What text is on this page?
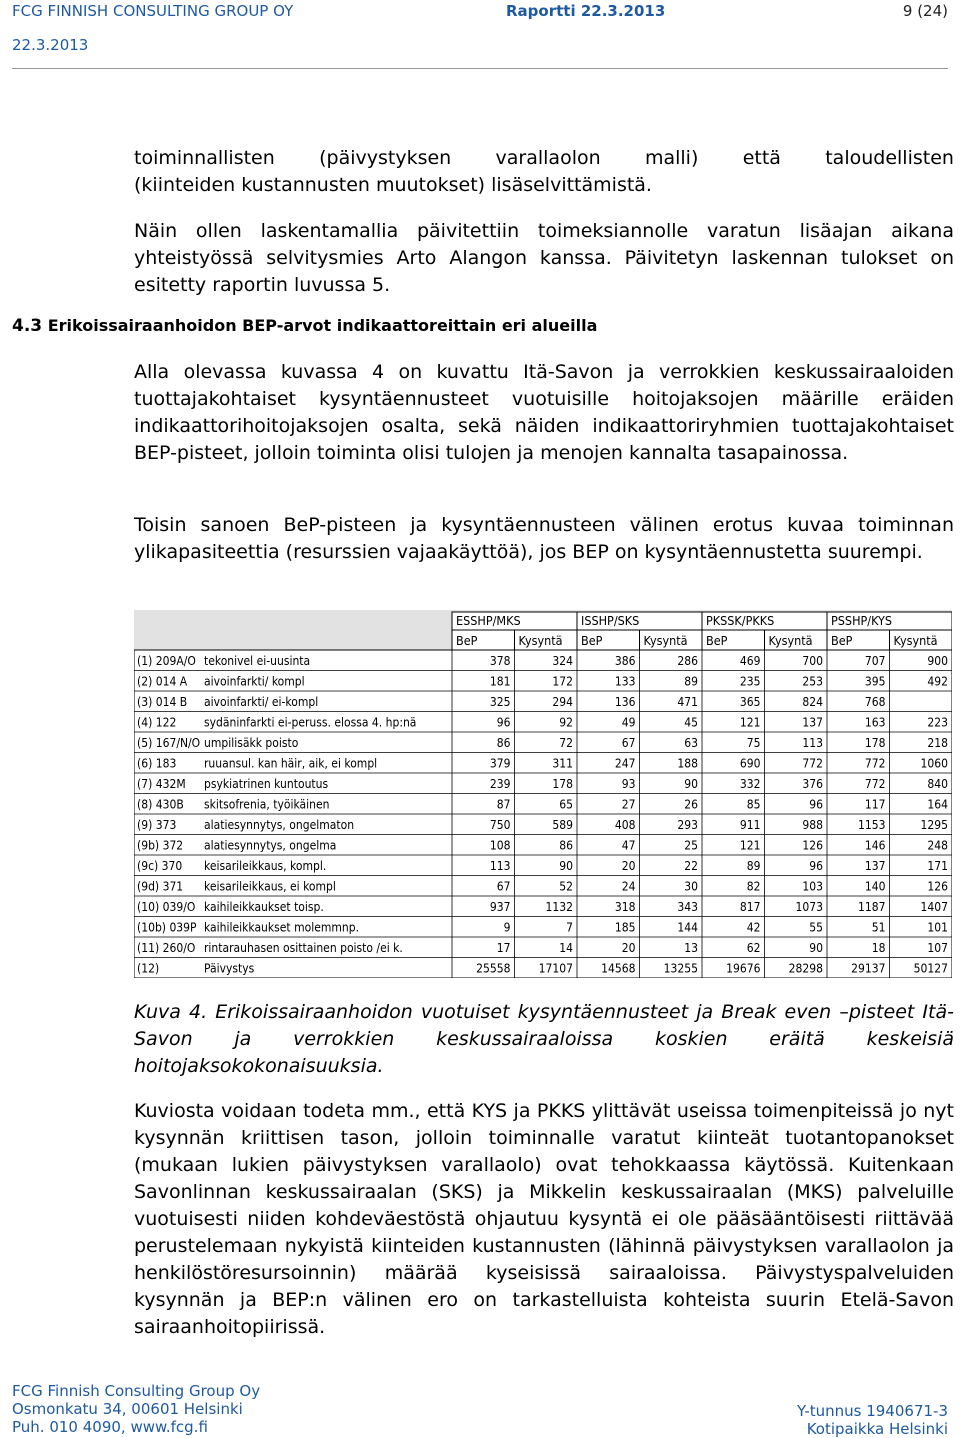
FCG FINNISH CONSULTING GROUP OY	Raportti 22.3.2013	9 (24)
22.3.2013
toiminnallisten (päivystyksen varallaolon malli) että taloudellisten
(kiinteiden kustannusten muutokset) lisäselvittämistä.
Näin ollen laskentamallia päivitettiin toimeksiannolle varatun lisäajan aikana yhteistyössä selvitysmies Arto Alangon kanssa. Päivitetyn laskennan tulokset on esitetty raportin luvussa 5.
4.3 Erikoissairaanhoidon BEP-arvot indikaattoreittain eri alueilla
Alla olevassa kuvassa 4 on kuvattu Itä-Savon ja verrokkien keskussairaaloiden tuottajakohtaiset kysyntäennusteet vuotuisille hoitojaksojen määrille eräiden indikaattorihoitojaksojen osalta, sekä näiden indikaattoriryhmien tuottajakohtaiset BEP-pisteet, jolloin toiminta olisi tulojen ja menojen kannalta tasapainossa.
Toisin sanoen BeP-pisteen ja kysyntäennusteen välinen erotus kuvaa toiminnan ylikapasiteettia (resurssien vajaakäyttöä), jos BEP on kysyntäennustetta suurempi.
ESSHP/MKS	ISSHP/SKS	PKSSK/PKKS	PSSHP/KYS
BeP	Kysyntä BeP	Kysyntä BeP	Kysyntä BeP	Kysyntä
(1) 209A/O tekonivel ei-uusinta	378	324	386	286	469	700	707	900
(2) 014 A aivoinfarkti/ kompl	181	172	133	89	235	253	395	492
(3) 014 B aivoinfarkti/ ei-kompl	325	294	136	471	365	824	768
(4) 122 sydäninfarkti ei-peruss. elossa 4. hp:nä	96	92	49	45	121	137	163	223
(5) 167/N/O umpilisäkk poisto	86	72	67	63	75	113	178	218
(6) 183 ruuansul. kan häir, aik, ei kompl	379	311	247	188	690	772	772	1060
(7) 432M psykiatrinen kuntoutus	239	178	93	90	332	376	772	840
(8) 430B skitsofrenia, työikäinen	87	65	27	26	85	96	117	164
(9) 373 alatiesynnytys, ongelmaton	750	589	408	293	911	988	1153	1295
(9b) 372 alatiesynnytys, ongelma	108	86	47	25	121	126	146	248
(9c) 370 keisarileikkaus, kompl.	113	90	20	22	89	96	137	171
(9d) 371 keisarileikkaus, ei kompl	67	52	24	30	82	103	140	126
(10) 039/O kaihileikkaukset toisp.	937	1132	318	343	817	1073	1187	1407
(10b) 039P kaihileikkaukset molemmnp.	9	7	185	144	42	55	51	101
(11) 260/O rintarauhasen osittainen poisto /ei k.	17	14	20	13	62	90	18	107
(12)	Päivystys	25558 17107 14568 13255 19676 28298 29137 50127
Kuva 4. Erikoissairaanhoidon vuotuiset kysyntäennusteet ja Break even –pisteet Itä-Savon ja verrokkien keskussairaaloissa koskien eräitä keskeisiä hoitojaksokokonaisuuksia.
Kuviosta voidaan todeta mm., että KYS ja PKKS ylittävät useissa toimenpiteissä jo nyt kysynnän kriittisen tason, jolloin toiminnalle varatut kiinteät tuotantopanokset (mukaan lukien päivystyksen varallaolo) ovat tehokkaassa käytössä. Kuitenkaan Savonlinnan keskussairaalan (SKS) ja Mikkelin keskussairaalan (MKS) palveluille vuotuisesti niiden kohdeväestöstä ohjautuu kysyntä ei ole pääsääntöisesti riittävää perustelemaan nykyistä kiinteiden kustannusten (lähinnä päivystyksen varallaolon ja henkilöstöresursoinnin) määrää kyseisissä sairaaloissa. Päivystyspalveluiden kysynnän ja BEP:n välinen ero on tarkastelluista kohteista suurin Etelä-Savon sairaanhoitopiirissä.
FCG Finnish Consulting Group Oy
Osmonkatu 34, 00601 Helsinki
Puh. 010 4090, www.fcg.fi
Y-tunnus 1940671-3
Kotipaikka Helsinki
